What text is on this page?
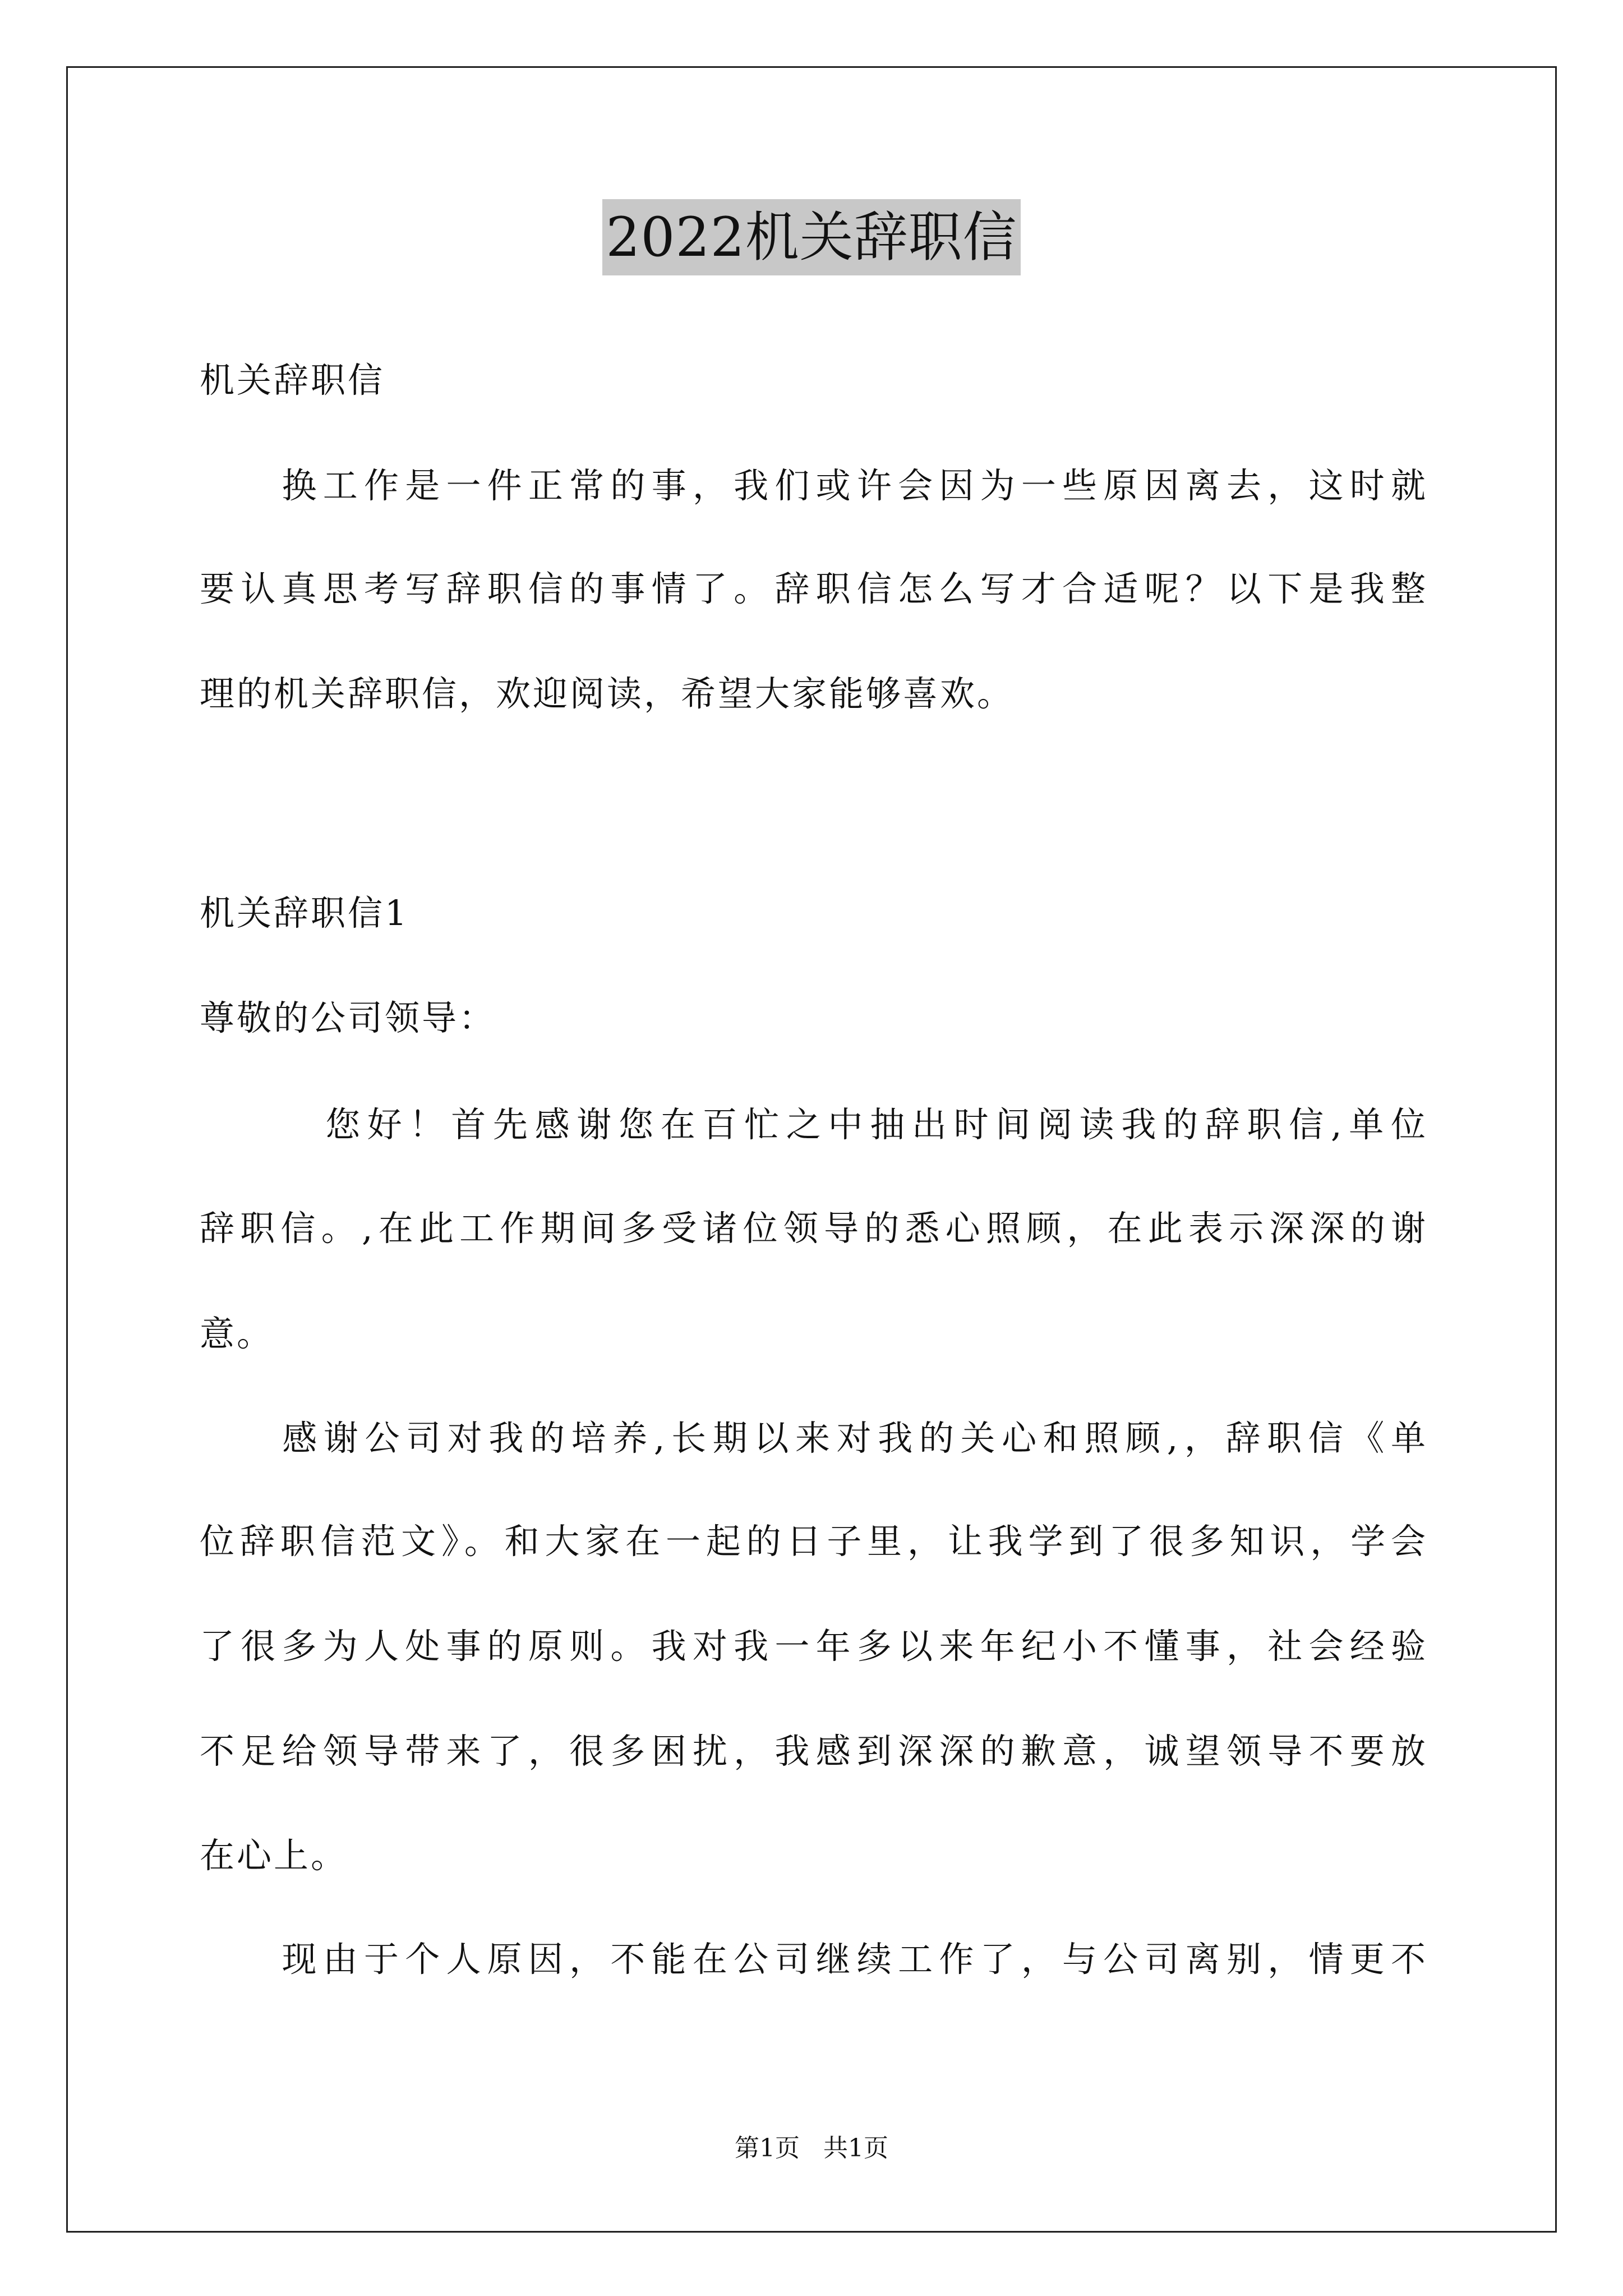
2022机关辞职信
机关辞职信
　　换工作是一件正常的事，我们或许会因为一些原因离去，这时就
要认真思考写辞职信的事情了。辞职信怎么写才合适呢？以下是我整
理的机关辞职信，欢迎阅读，希望大家能够喜欢。
机关辞职信1
尊敬的公司领导：
　　　您好！首先感谢您在百忙之中抽出时间阅读我的辞职信,单位
辞职信。,在此工作期间多受诸位领导的悉心照顾，在此表示深深的谢
意。
　　感谢公司对我的培养,长期以来对我的关心和照顾,，辞职信《单
位辞职信范文》。和大家在一起的日子里，让我学到了很多知识，学会
了很多为人处事的原则。我对我一年多以来年纪小不懂事，社会经验
不足给领导带来了，很多困扰，我感到深深的歉意，诚望领导不要放
在心上。
　　现由于个人原因，不能在公司继续工作了，与公司离别，情更不
第1页   共1页
